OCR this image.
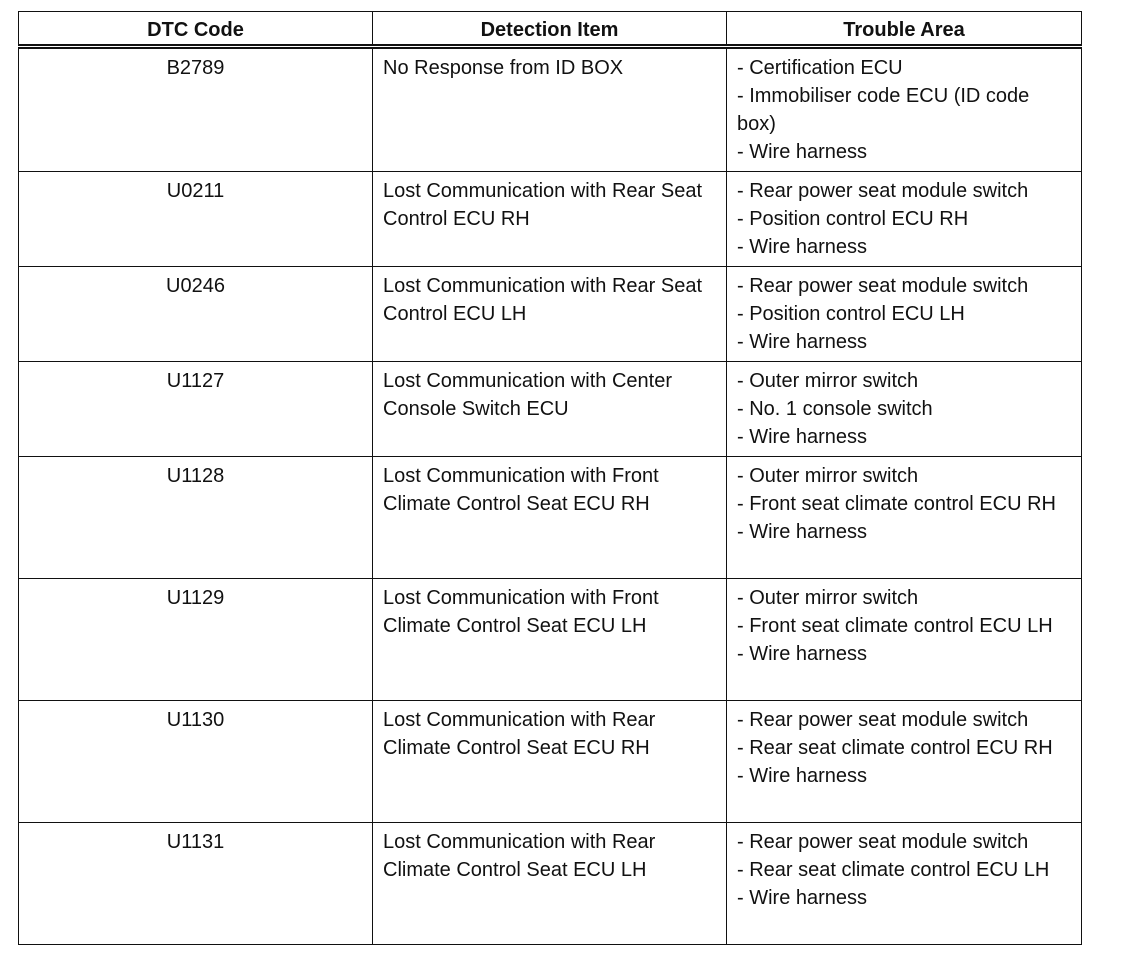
DTC Code	Detection Item	Trouble Area
B2789	No Response from ID BOX	- Certification ECU
- Immobiliser code ECU (ID code box)
- Wire harness

U0211	Lost Communication with Rear Seat Control ECU RH	- Rear power seat module switch
- Position control ECU RH
- Wire harness

U0246	Lost Communication with Rear Seat Control ECU LH	- Rear power seat module switch
- Position control ECU LH
- Wire harness

U1127	Lost Communication with Center Console Switch ECU	- Outer mirror switch
- No. 1 console switch
- Wire harness

U1128	Lost Communication with Front Climate Control Seat ECU RH	- Outer mirror switch
- Front seat climate control ECU RH
- Wire harness

U1129	Lost Communication with Front Climate Control Seat ECU LH	- Outer mirror switch
- Front seat climate control ECU LH
- Wire harness

U1130	Lost Communication with Rear Climate Control Seat ECU RH	- Rear power seat module switch
- Rear seat climate control ECU RH
- Wire harness

U1131	Lost Communication with Rear Climate Control Seat ECU LH	- Rear power seat module switch
- Rear seat climate control ECU LH
- Wire harness
